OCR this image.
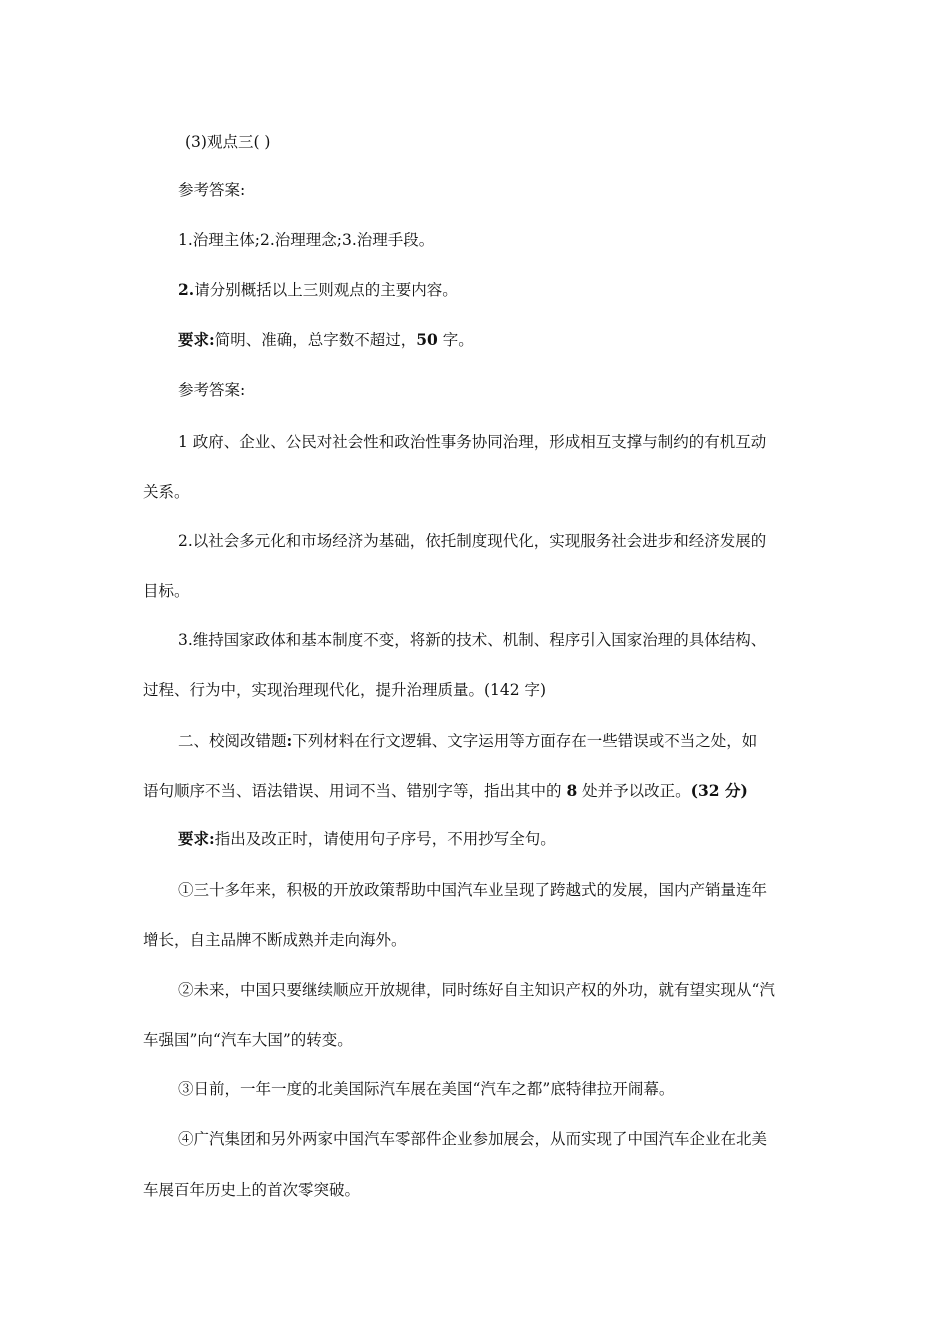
(3)观点三( )
参考答案:
1.治理主体;2.治理理念;3.治理手段。
2.请分别概括以上三则观点的主要内容。
要求:简明、准确，总字数不超过，50 字。
参考答案:
1 政府、企业、公民对社会性和政治性事务协同治理，形成相互支撑与制约的有机互动
关系。
2.以社会多元化和市场经济为基础，依托制度现代化，实现服务社会进步和经济发展的
目标。
3.维持国家政体和基本制度不变，将新的技术、机制、程序引入国家治理的具体结构、
过程、行为中，实现治理现代化，提升治理质量。(142 字)
二、校阅改错题:下列材料在行文逻辑、文字运用等方面存在一些错误或不当之处，如
语句顺序不当、语法错误、用词不当、错别字等，指出其中的 8 处并予以改正。(32 分)
要求:指出及改正时，请使用句子序号，不用抄写全句。
①三十多年来，积极的开放政策帮助中国汽车业呈现了跨越式的发展，国内产销量连年
增长，自主品牌不断成熟并走向海外。
②未来，中国只要继续顺应开放规律，同时练好自主知识产权的外功，就有望实现从“汽
车强国”向“汽车大国”的转变。
③日前，一年一度的北美国际汽车展在美国“汽车之都”底特律拉开闹幕。
④广汽集团和另外两家中国汽车零部件企业参加展会，从而实现了中国汽车企业在北美
车展百年历史上的首次零突破。
